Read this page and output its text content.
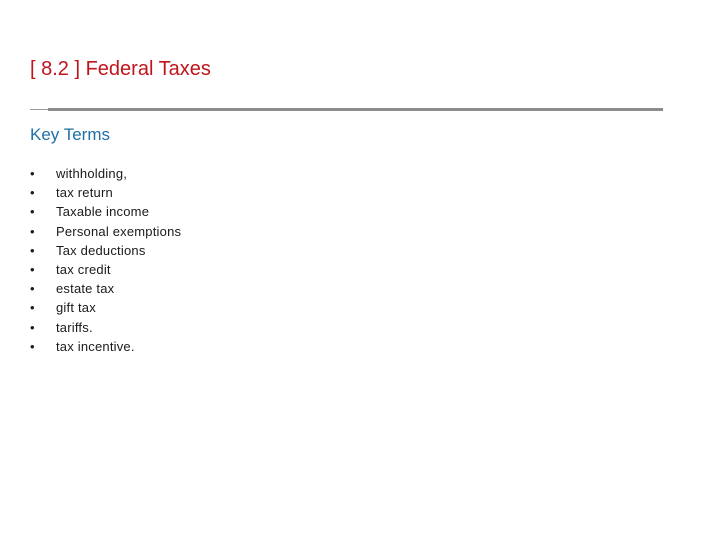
[ 8.2 ] Federal Taxes
Key Terms
•	withholding,
•	tax return
•	Taxable income
•	Personal exemptions
•	Tax deductions
•	tax credit
•	estate tax
•	gift tax
•	tariffs.
•	tax incentive.
